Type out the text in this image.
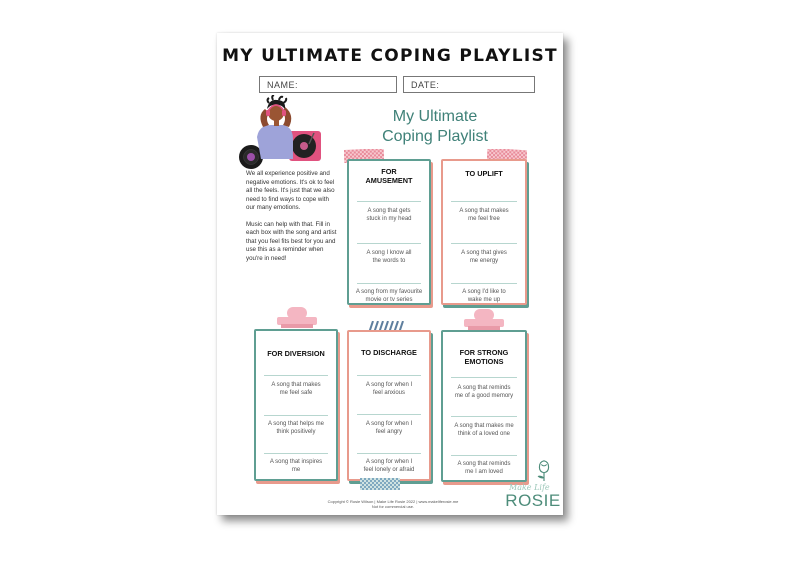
MY ULTIMATE COPING PLAYLIST
NAME:	DATE:
My Ultimate
Coping Playlist

We all experience positive and negative emotions. It's ok to feel all the feels. It's just that we also need to find ways to cope with our many emotions.

Music can help with that. Fill in each box with the song and artist that you feel fits best for you and use this as a reminder when you're in need!

FOR
AMUSEMENT
A song that gets
stuck in my head
A song I know all
the words to
A song from my favourite
movie or tv series
TO UPLIFT
A song that makes
me feel free
A song that gives
me energy
A song I'd like to
wake me up
FOR DIVERSION
A song that makes
me feel safe
A song that helps me
think positively
A song that inspires
me
TO DISCHARGE
A song for when I
feel anxious
A song for when I
feel angry
A song for when I
feel lonely or afraid
FOR STRONG
EMOTIONS
A song that reminds
me of a good memory
A song that makes me
think of a loved one
A song that reminds
me I am loved
Copyright © Rosie Wilson | Make Life Rosie 2022 | www.makeliferosie.me
Not for commercial use.
Make Life
ROSIE
